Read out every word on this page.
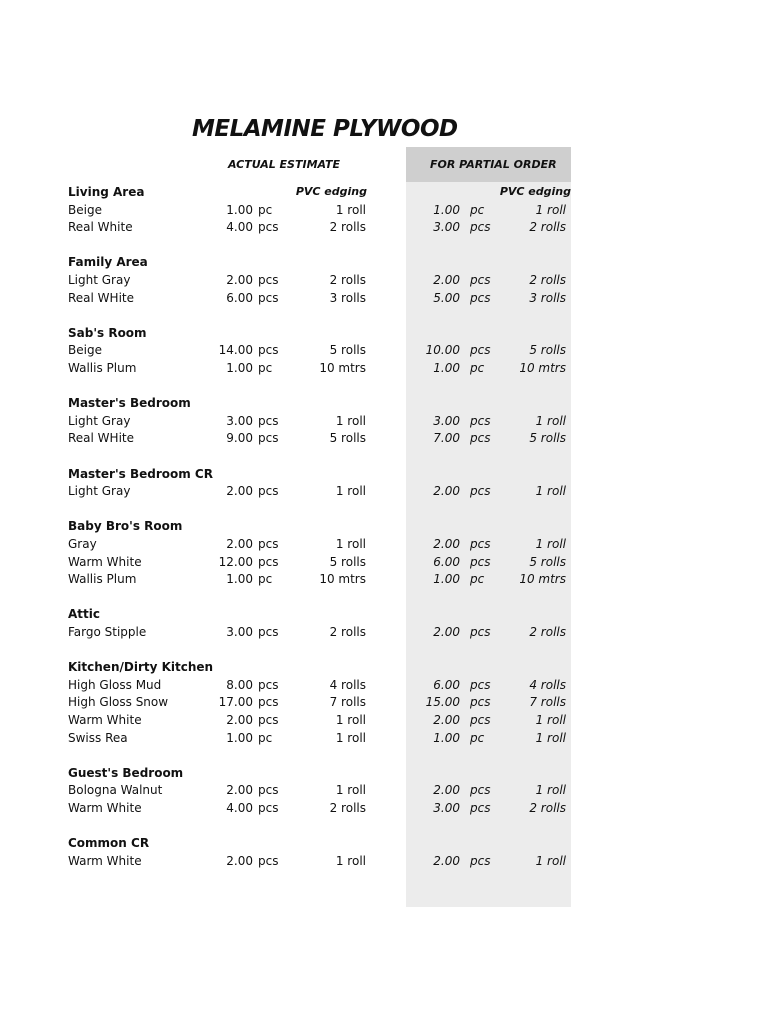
MELAMINE PLYWOOD
ACTUAL ESTIMATE	FOR PARTIAL ORDER
Living Area	PVC edging	PVC edging
Beige	1.00 pc	1 roll	1.00 pc	1 roll
Real White	4.00 pcs	2 rolls	3.00 pcs	2 rolls
Family Area
Light Gray	2.00 pcs	2 rolls	2.00 pcs	2 rolls
Real WHite	6.00 pcs	3 rolls	5.00 pcs	3 rolls
Sab's Room
Beige	14.00 pcs	5 rolls	10.00 pcs	5 rolls
Wallis Plum	1.00 pc	10 mtrs	1.00 pc	10 mtrs
Master's Bedroom
Light Gray	3.00 pcs	1 roll	3.00 pcs	1 roll
Real WHite	9.00 pcs	5 rolls	7.00 pcs	5 rolls
Master's Bedroom CR
Light Gray	2.00 pcs	1 roll	2.00 pcs	1 roll
Baby Bro's Room
Gray	2.00 pcs	1 roll	2.00 pcs	1 roll
Warm White	12.00 pcs	5 rolls	6.00 pcs	5 rolls
Wallis Plum	1.00 pc	10 mtrs	1.00 pc	10 mtrs
Attic
Fargo Stipple	3.00 pcs	2 rolls	2.00 pcs	2 rolls
Kitchen/Dirty Kitchen
High Gloss Mud	8.00 pcs	4 rolls	6.00 pcs	4 rolls
High Gloss Snow	17.00 pcs	7 rolls	15.00 pcs	7 rolls
Warm White	2.00 pcs	1 roll	2.00 pcs	1 roll
Swiss Rea	1.00 pc	1 roll	1.00 pc	1 roll
Guest's Bedroom
Bologna Walnut	2.00 pcs	1 roll	2.00 pcs	1 roll
Warm White	4.00 pcs	2 rolls	3.00 pcs	2 rolls
Common CR
Warm White	2.00 pcs	1 roll	2.00 pcs	1 roll
